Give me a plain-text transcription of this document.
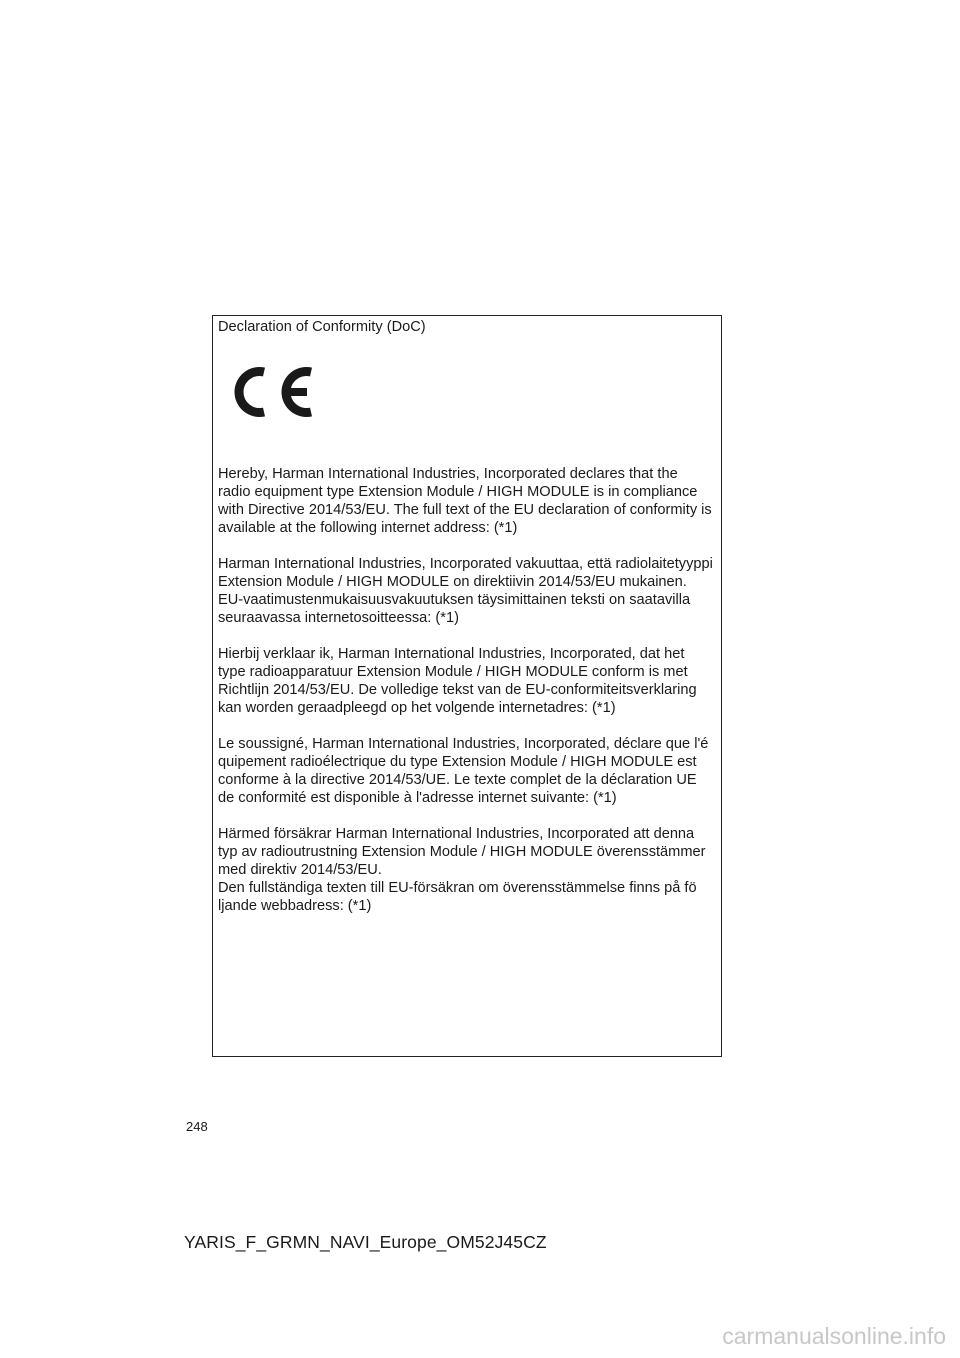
Declaration of Conformity (DoC)

Hereby, Harman International Industries, Incorporated declares that the
radio equipment type Extension Module / HIGH MODULE is in compliance
with Directive 2014/53/EU. The full text of the EU declaration of conformity is
available at the following internet address: (*1)

Harman International Industries, Incorporated vakuuttaa, että radiolaitetyyppi
Extension Module / HIGH MODULE on direktiivin 2014/53/EU mukainen.
EU-vaatimustenmukaisuusvakuutuksen täysimittainen teksti on saatavilla
seuraavassa internetosoitteessa: (*1)

Hierbij verklaar ik, Harman International Industries, Incorporated, dat het
type radioapparatuur Extension Module / HIGH MODULE conform is met
Richtlijn 2014/53/EU. De volledige tekst van de EU-conformiteitsverklaring
kan worden geraadpleegd op het volgende internetadres: (*1)

Le soussigné, Harman International Industries, Incorporated, déclare que l'é
quipement radioélectrique du type Extension Module / HIGH MODULE est
conforme à la directive 2014/53/UE. Le texte complet de la déclaration UE
de conformité est disponible à l'adresse internet suivante: (*1)

Härmed försäkrar Harman International Industries, Incorporated att denna
typ av radioutrustning Extension Module / HIGH MODULE överensstämmer
med direktiv 2014/53/EU.
Den fullständiga texten till EU-försäkran om överensstämmelse finns på fö
ljande webbadress: (*1)

248
YARIS_F_GRMN_NAVI_Europe_OM52J45CZ
carmanualsonline.info
